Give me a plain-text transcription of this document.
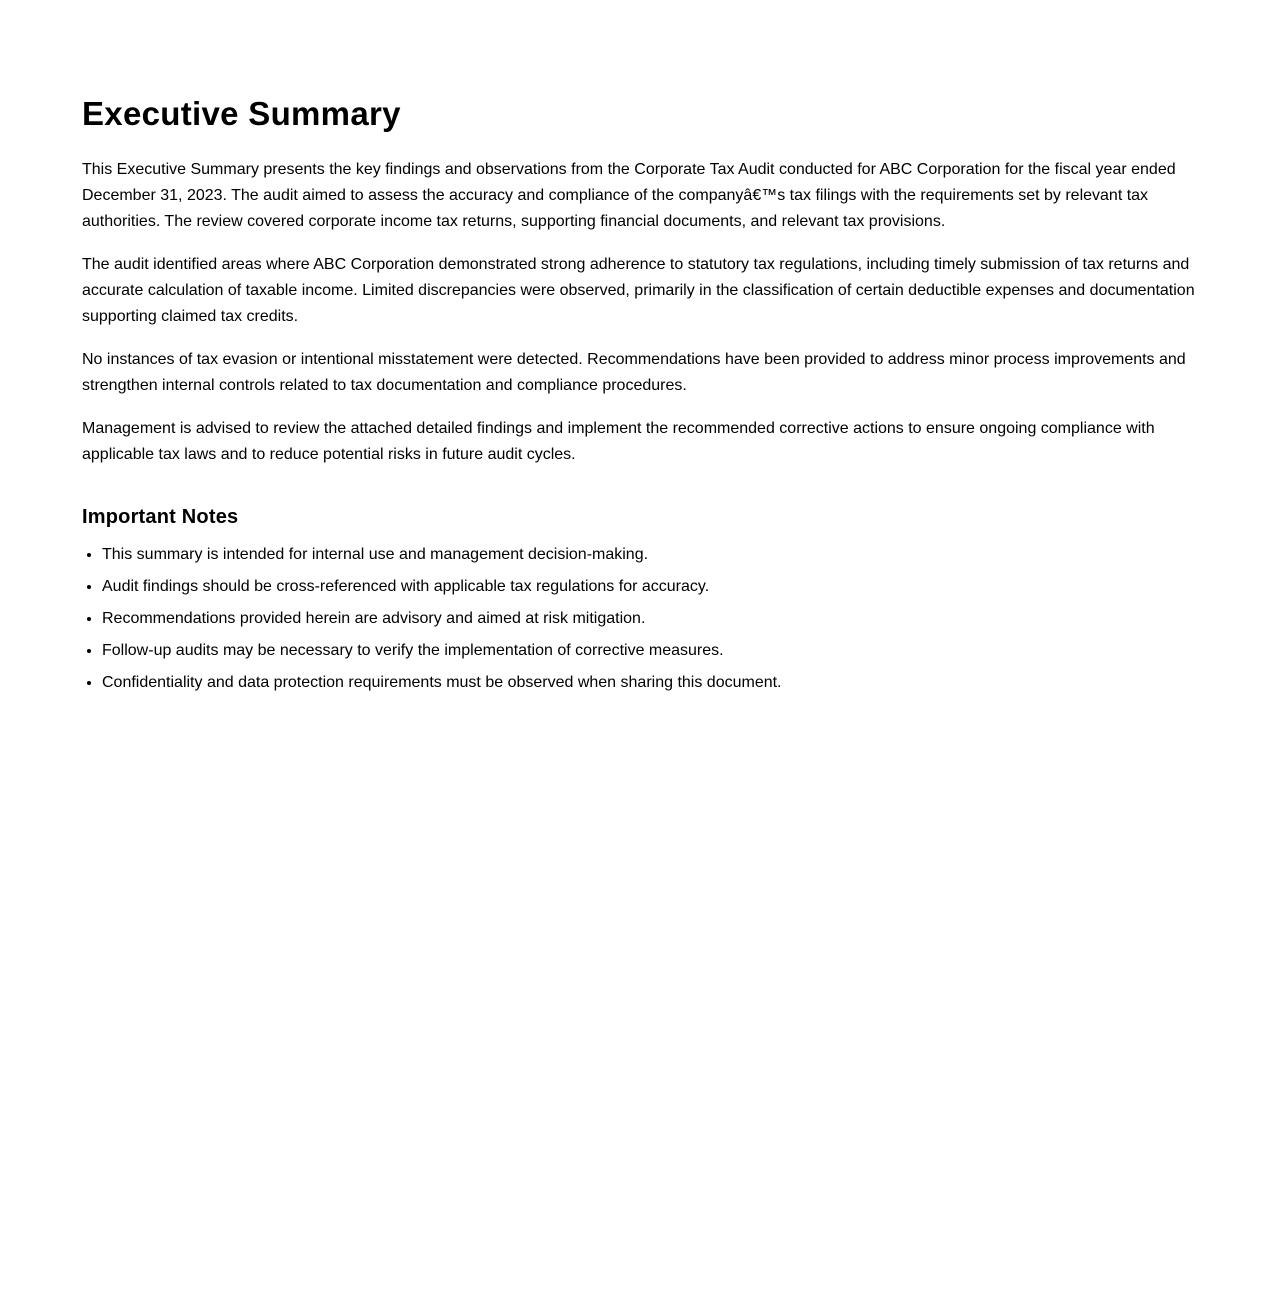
Executive Summary

This Executive Summary presents the key findings and observations from the Corporate Tax Audit conducted for ABC Corporation for the fiscal year ended December 31, 2023. The audit aimed to assess the accuracy and compliance of the companyâ€™s tax filings with the requirements set by relevant tax authorities. The review covered corporate income tax returns, supporting financial documents, and relevant tax provisions.

The audit identified areas where ABC Corporation demonstrated strong adherence to statutory tax regulations, including timely submission of tax returns and accurate calculation of taxable income. Limited discrepancies were observed, primarily in the classification of certain deductible expenses and documentation supporting claimed tax credits.

No instances of tax evasion or intentional misstatement were detected. Recommendations have been provided to address minor process improvements and strengthen internal controls related to tax documentation and compliance procedures.

Management is advised to review the attached detailed findings and implement the recommended corrective actions to ensure ongoing compliance with applicable tax laws and to reduce potential risks in future audit cycles.

Important Notes
• This summary is intended for internal use and management decision-making.
• Audit findings should be cross-referenced with applicable tax regulations for accuracy.
• Recommendations provided herein are advisory and aimed at risk mitigation.
• Follow-up audits may be necessary to verify the implementation of corrective measures.
• Confidentiality and data protection requirements must be observed when sharing this document.
